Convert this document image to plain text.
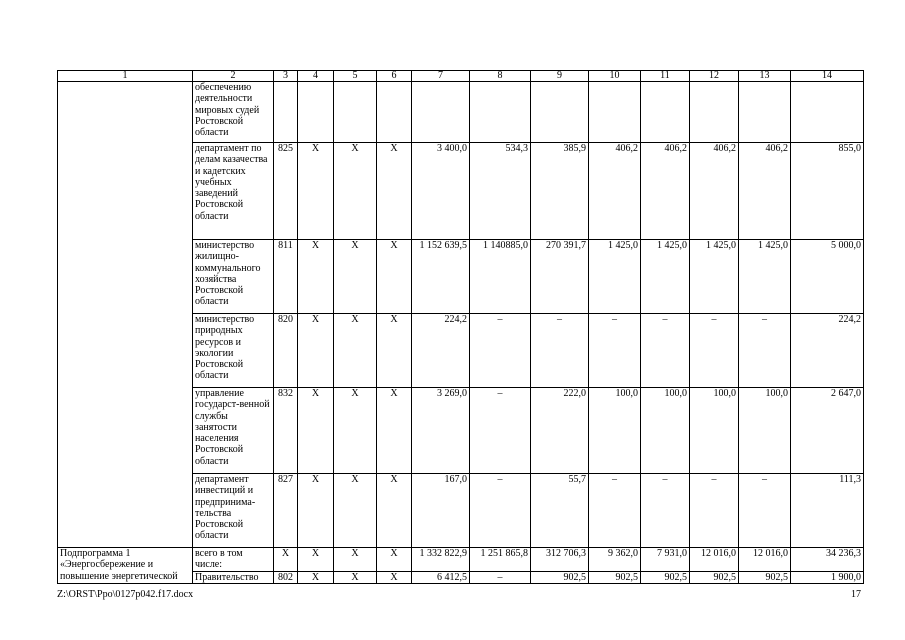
1	2	3	4	5	6	7	8	9	10	11	12	13	14
	обеспечению деятельности мировых судей Ростовской области												
	департамент по делам казачества и кадетских учебных заведений Ростовской области	825	Х	Х	Х	3 400,0	534,3	385,9	406,2	406,2	406,2	406,2	855,0
	министерство жилищно-коммунального хозяйства Ростовской области	811	Х	Х	Х	1 152 639,5	1 140885,0	270 391,7	1 425,0	1 425,0	1 425,0	1 425,0	5 000,0
	министерство природных ресурсов и экологии Ростовской области	820	Х	Х	Х	224,2	–	–	–	–	–	–	224,2
	управление государст-венной службы занятости населения Ростовской области	832	Х	Х	Х	3 269,0	–	222,0	100,0	100,0	100,0	100,0	2 647,0
	департамент инвестиций и предпринима-тельства Ростовской области	827	Х	Х	Х	167,0	–	55,7	–	–	–	–	111,3
Подпрограмма 1 «Энергосбережение и повышение энергетической	всего в том числе:	Х	Х	Х	Х	1 332 822,9	1 251 865,8	312 706,3	9 362,0	7 931,0	12 016,0	12 016,0	34 236,3
	Правительство	802	Х	Х	Х	6 412,5	–	902,5	902,5	902,5	902,5	902,5	1 900,0
Z:\ORST\Ppo\0127p042.f17.docx	17
